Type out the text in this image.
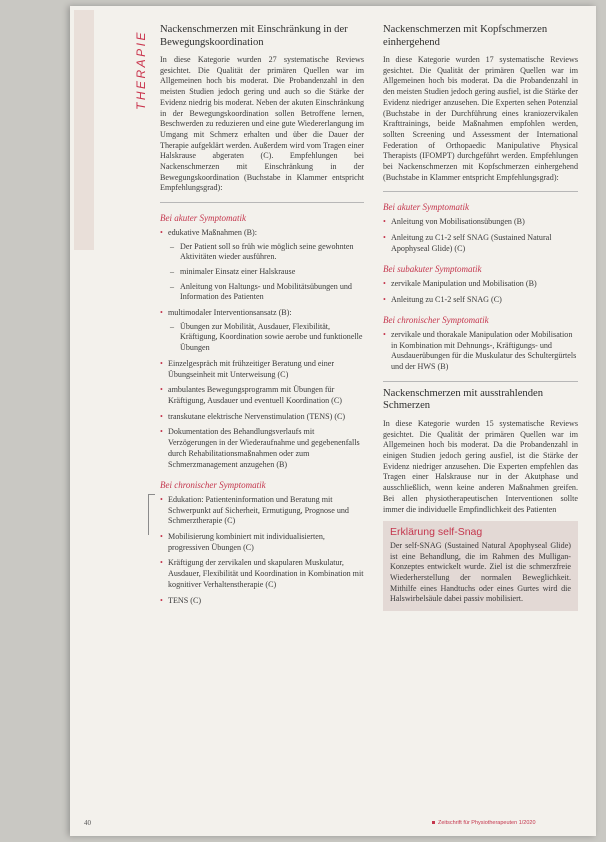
THERAPIE
Nackenschmerzen mit Einschränkung in der Bewegungskoordination

In diese Kategorie wurden 27 systematische Reviews gesichtet. Die Qualität der primären Quellen war im Allgemeinen hoch bis moderat. Die Probandenzahl in den meisten Studien jedoch gering und auch so die Stärke der Evidenz niedrig bis moderat. Neben der akuten Einschränkung in der Bewegungskoordination sollen Betroffene lernen, Beschwerden zu reduzieren und eine gute Wiedererlangung im Umgang mit Schmerz erhalten und über die Dauer der Therapie aufgeklärt werden. Außerdem wird vom Tragen einer Halskrause abgeraten (C). Empfehlungen bei Nackenschmerzen mit Einschränkung in der Bewegungskoordination (Buchstabe in Klammer entspricht Empfehlungsgrad):

Bei akuter Symptomatik
• edukative Maßnahmen (B):
– Der Patient soll so früh wie möglich seine gewohnten Aktivitäten wieder ausführen.
– minimaler Einsatz einer Halskrause
– Anleitung von Haltungs- und Mobilitätsübungen und Information des Patienten
• multimodaler Interventionsansatz (B):
– Übungen zur Mobilität, Ausdauer, Flexibilität, Kräftigung, Koordination sowie aerobe und funktionelle Übungen
• Einzelgespräch mit frühzeitiger Beratung und einer Übungseinheit mit Unterweisung (C)
• ambulantes Bewegungsprogramm mit Übungen für Kräftigung, Ausdauer und eventuell Koordination (C)
• transkutane elektrische Nervenstimulation (TENS) (C)
• Dokumentation des Behandlungsverlaufs mit Verzögerungen in der Wiederaufnahme und gegebenenfalls durch Rehabilitationsmaßnahmen oder zum Schmerzmanagement anzugehen (B)
Bei chronischer Symptomatik
• Edukation: Patienteninformation und Beratung mit Schwerpunkt auf Sicherheit, Ermutigung, Prognose und Schmerztherapie (C)
• Mobilisierung kombiniert mit individualisierten, progressiven Übungen (C)
• Kräftigung der zervikalen und skapularen Muskulatur, Ausdauer, Flexibilität und Koordination in Kombination mit kognitiver Verhaltenstherapie (C)
• TENS (C)
Nackenschmerzen mit Kopfschmerzen einhergehend

In diese Kategorie wurden 17 systematische Reviews gesichtet. Die Qualität der primären Quellen war im Allgemeinen hoch bis moderat. Da die Probandenzahl in den meisten Studien jedoch gering ausfiel, ist die Stärke der Evidenz niedriger anzusehen. Die Experten sehen Potenzial (Buchstabe in der Durchführung eines kraniozervikalen Krafttrainings, beide Maßnahmen empfohlen werden, sollten Screening und Assessment der International Federation of Orthopaedic Manipulative Physical Therapists (IFOMPT) durchgeführt werden. Empfehlungen bei Nackenschmerzen mit Kopfschmerzen einhergehend (Buchstabe in Klammer entspricht Empfehlungsgrad):

Bei akuter Symptomatik
• Anleitung von Mobilisationsübungen (B)
• Anleitung zu C1-2 self SNAG (Sustained Natural Apophyseal Glide) (C)
Bei subakuter Symptomatik
• zervikale Manipulation und Mobilisation (B)
• Anleitung zu C1-2 self SNAG (C)
Bei chronischer Symptomatik
• zervikale und thorakale Manipulation oder Mobilisation in Kombination mit Dehnungs-, Kräftigungs- und Ausdauerübungen für die Muskulatur des Schultergürtels und der HWS (B)
Nackenschmerzen mit ausstrahlenden Schmerzen

In diese Kategorie wurden 15 systematische Reviews gesichtet. Die Qualität der primären Quellen war im Allgemeinen hoch bis moderat. Da die Probandenzahl in einigen Studien jedoch gering ausfiel, ist die Stärke der Evidenz niedriger anzusehen. Die Experten empfehlen das Tragen einer Halskrause nur in der Akutphase und ausschließlich, wenn keine anderen Maßnahmen greifen. Bei allen physiotherapeutischen Interventionen sollte immer die individuelle Empfindlichkeit des Patienten

Erklärung self-Snag

Der self-SNAG (Sustained Natural Apophyseal Glide) ist eine Behandlung, die im Rahmen des Mulligan-Konzeptes entwickelt wurde. Ziel ist die schmerzfreie Wiederherstellung der normalen Beweglichkeit. Mithilfe eines Handtuchs oder eines Gurtes wird die Halswirbelsäule dabei passiv mobilisiert.

40	Zeitschrift für Physiotherapeuten 1/2020
